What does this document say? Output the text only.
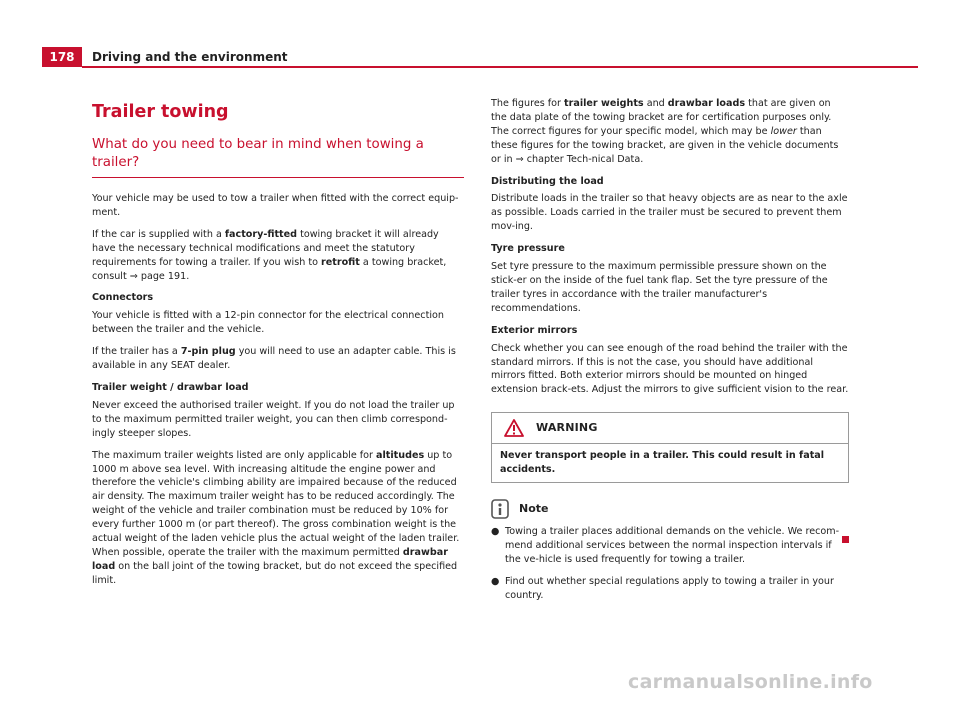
178	Driving and the environment
Trailer towing
What do you need to bear in mind when towing a trailer?

Your vehicle may be used to tow a trailer when fitted with the correct equip-ment.

If the car is supplied with a factory-fitted towing bracket it will already have the necessary technical modifications and meet the statutory requirements for towing a trailer. If you wish to retrofit a towing bracket, consult ⇒ page 191.

Connectors

Your vehicle is fitted with a 12-pin connector for the electrical connection between the trailer and the vehicle.

If the trailer has a 7-pin plug you will need to use an adapter cable. This is available in any SEAT dealer.

Trailer weight / drawbar load

Never exceed the authorised trailer weight. If you do not load the trailer up to the maximum permitted trailer weight, you can then climb correspond-ingly steeper slopes.

The maximum trailer weights listed are only applicable for altitudes up to 1000 m above sea level. With increasing altitude the engine power and therefore the vehicle's climbing ability are impaired because of the reduced air density. The maximum trailer weight has to be reduced accordingly. The weight of the vehicle and trailer combination must be reduced by 10% for every further 1000 m (or part thereof). The gross combination weight is the actual weight of the laden vehicle plus the actual weight of the laden trailer. When possible, operate the trailer with the maximum permitted drawbar load on the ball joint of the towing bracket, but do not exceed the specified limit.

The figures for trailer weights and drawbar loads that are given on the data plate of the towing bracket are for certification purposes only. The correct figures for your specific model, which may be lower than these figures for the towing bracket, are given in the vehicle documents or in ⇒ chapter Tech-nical Data.

Distributing the load

Distribute loads in the trailer so that heavy objects are as near to the axle as possible. Loads carried in the trailer must be secured to prevent them mov-ing.

Tyre pressure

Set tyre pressure to the maximum permissible pressure shown on the stick-er on the inside of the fuel tank flap. Set the tyre pressure of the trailer tyres in accordance with the trailer manufacturer's recommendations.

Exterior mirrors

Check whether you can see enough of the road behind the trailer with the standard mirrors. If this is not the case, you should have additional mirrors fitted. Both exterior mirrors should be mounted on hinged extension brack-ets. Adjust the mirrors to give sufficient vision to the rear.

WARNING
Never transport people in a trailer. This could result in fatal accidents.
Note
● Towing a trailer places additional demands on the vehicle. We recom-mend additional services between the normal inspection intervals if the ve-hicle is used frequently for towing a trailer.
● Find out whether special regulations apply to towing a trailer in your country.
carmanualsonline.info
